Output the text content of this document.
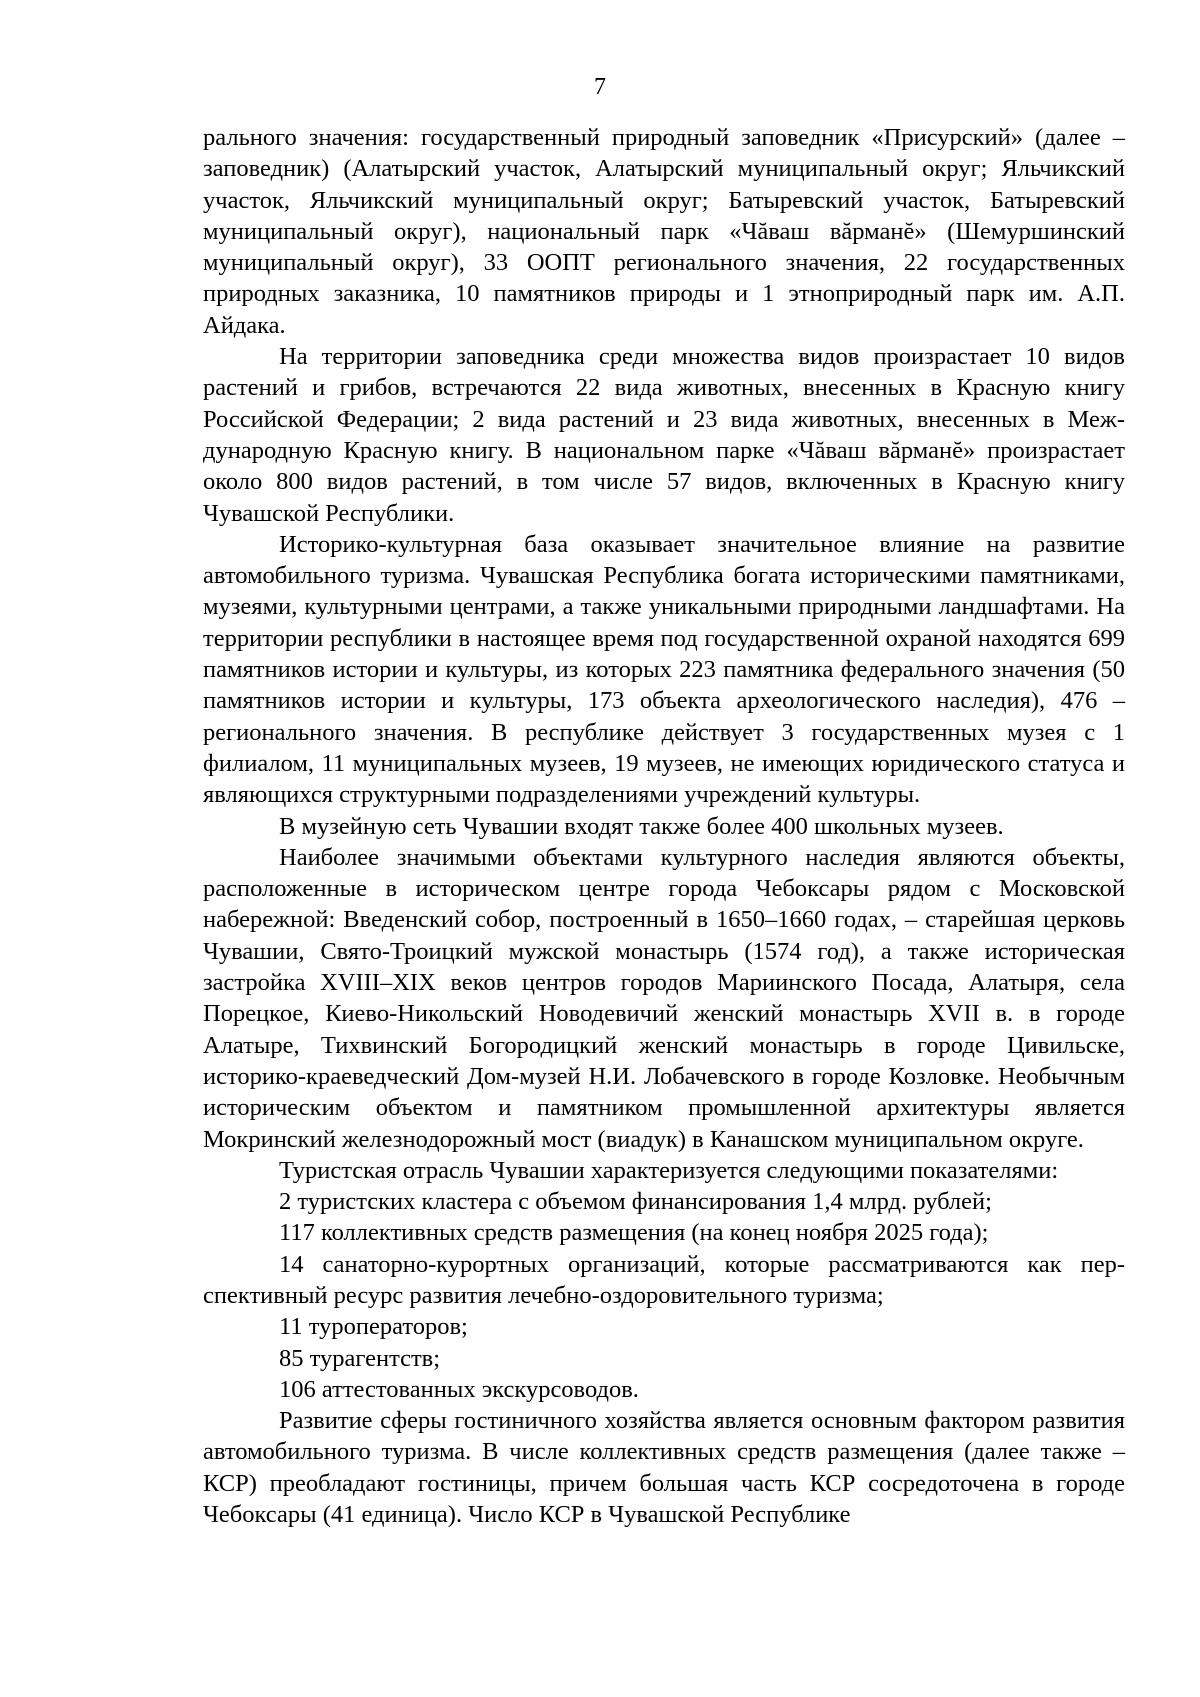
7

рального значения: государственный природный заповедник «Присурский» (далее – заповедник) (Алатырский участок, Алатырский муниципальный округ; Яльчикский участок, Яльчикский муниципальный округ; Батыревский участок, Батыревский муниципальный округ), национальный парк «Чăваш вăрманĕ» (Шемуршинский муниципальный округ), 33 ООПТ регионального значения, 22 государственных природных заказника, 10 памятников природы и 1 этноприродный парк им. А.П. Айдака.

На территории заповедника среди множества видов произрастает 10 видов растений и грибов, встречаются 22 вида животных, внесенных в Красную книгу Российской Федерации; 2 вида растений и 23 вида животных, внесенных в Международную Красную книгу. В национальном парке «Чăваш вăрманĕ» произрастает около 800 видов растений, в том числе 57 видов, включенных в Красную книгу Чувашской Республики.

Историко-культурная база оказывает значительное влияние на развитие автомобильного туризма. Чувашская Республика богата историческими памятниками, музеями, культурными центрами, а также уникальными природными ландшафтами. На территории республики в настоящее время под государственной охраной находятся 699 памятников истории и культуры, из которых 223 памятника федерального значения (50 памятников истории и культуры, 173 объекта археологического наследия), 476 – регионального значения. В республике действует 3 государственных музея с 1 филиалом, 11 муниципальных музеев, 19 музеев, не имеющих юридического статуса и являющихся структурными подразделениями учреждений культуры.

В музейную сеть Чувашии входят также более 400 школьных музеев.

Наиболее значимыми объектами культурного наследия являются объекты, расположенные в историческом центре города Чебоксары рядом с Московской набережной: Введенский собор, построенный в 1650–1660 годах, – старейшая церковь Чувашии, Свято-Троицкий мужской монастырь (1574 год), а также историческая застройка XVIII–XIX веков центров городов Мариинского Посада, Алатыря, села Порецкое, Киево-Никольский Новодевичий женский монастырь XVII в. в городе Алатыре, Тихвинский Богородицкий женский монастырь в городе Цивильске, историко-краеведческий Дом-музей Н.И. Лобачевского в городе Козловке. Необычным историческим объектом и памятником промышленной архитектуры является Мокринский железнодорожный мост (виадук) в Канашском муниципальном округе.

Туристская отрасль Чувашии характеризуется следующими показателями:

2 туристских кластера с объемом финансирования 1,4 млрд. рублей;

117 коллективных средств размещения (на конец ноября 2025 года);

14 санаторно-курортных организаций, которые рассматриваются как перспективный ресурс развития лечебно-оздоровительного туризма;

11 туроператоров;

85 турагентств;

106 аттестованных экскурсоводов.

Развитие сферы гостиничного хозяйства является основным фактором развития автомобильного туризма. В числе коллективных средств размещения (далее также – КСР) преобладают гостиницы, причем большая часть КСР сосредоточена в городе Чебоксары (41 единица). Число КСР в Чувашской Республике
